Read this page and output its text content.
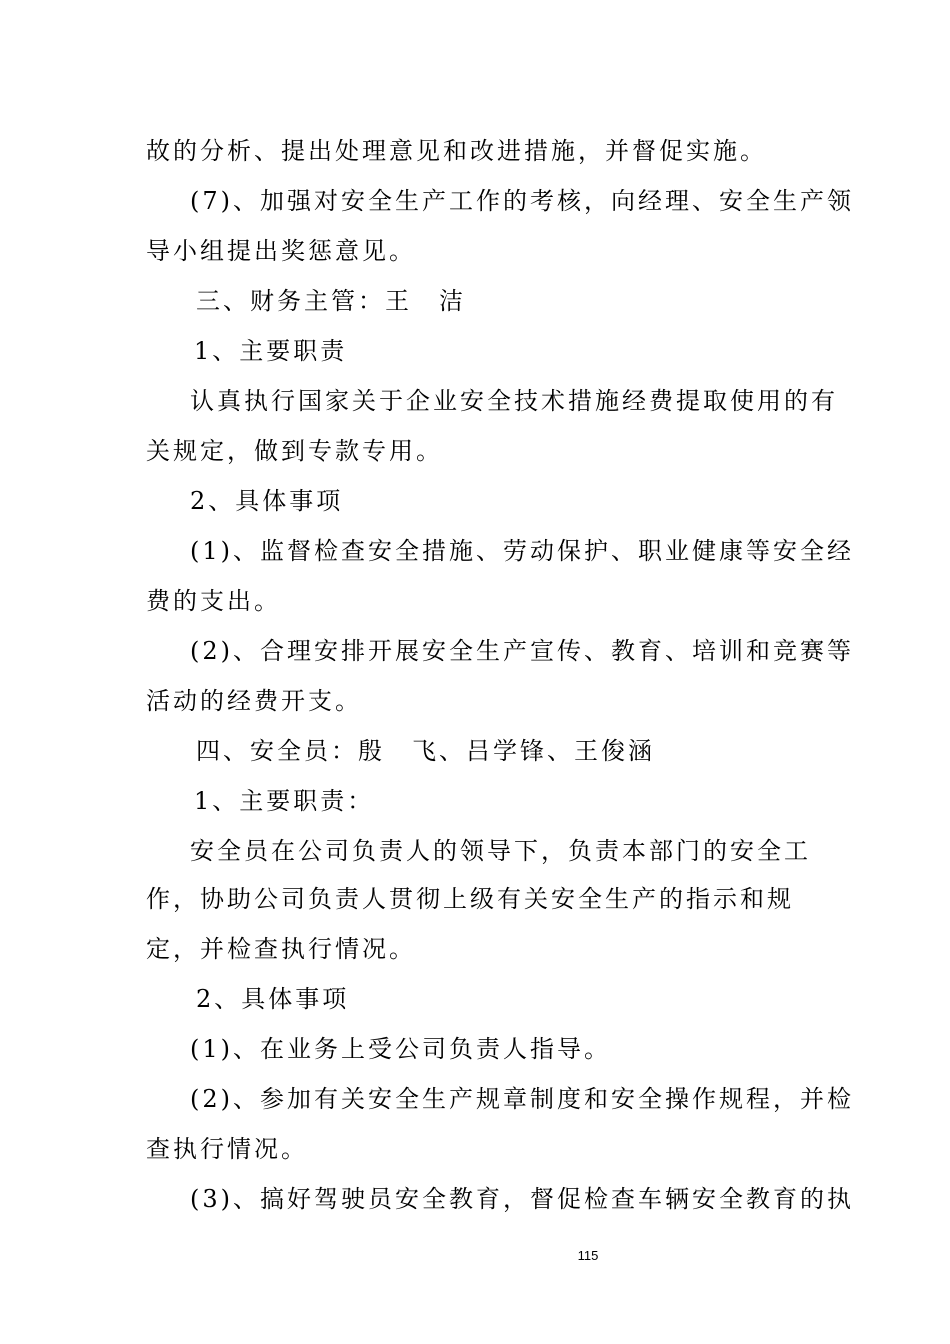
故的分析、提出处理意见和改进措施，并督促实施。
(7)、加强对安全生产工作的考核，向经理、安全生产领
导小组提出奖惩意见。
三、财务主管：王　洁
1、主要职责
认真执行国家关于企业安全技术措施经费提取使用的有
关规定，做到专款专用。
2、具体事项
(1)、监督检查安全措施、劳动保护、职业健康等安全经
费的支出。
(2)、合理安排开展安全生产宣传、教育、培训和竞赛等
活动的经费开支。
四、安全员：殷　飞、吕学锋、王俊涵
1、主要职责：
安全员在公司负责人的领导下，负责本部门的安全工
作，协助公司负责人贯彻上级有关安全生产的指示和规
定，并检查执行情况。
2、具体事项
(1)、在业务上受公司负责人指导。
(2)、参加有关安全生产规章制度和安全操作规程，并检
查执行情况。
(3)、搞好驾驶员安全教育，督促检查车辆安全教育的执
115
